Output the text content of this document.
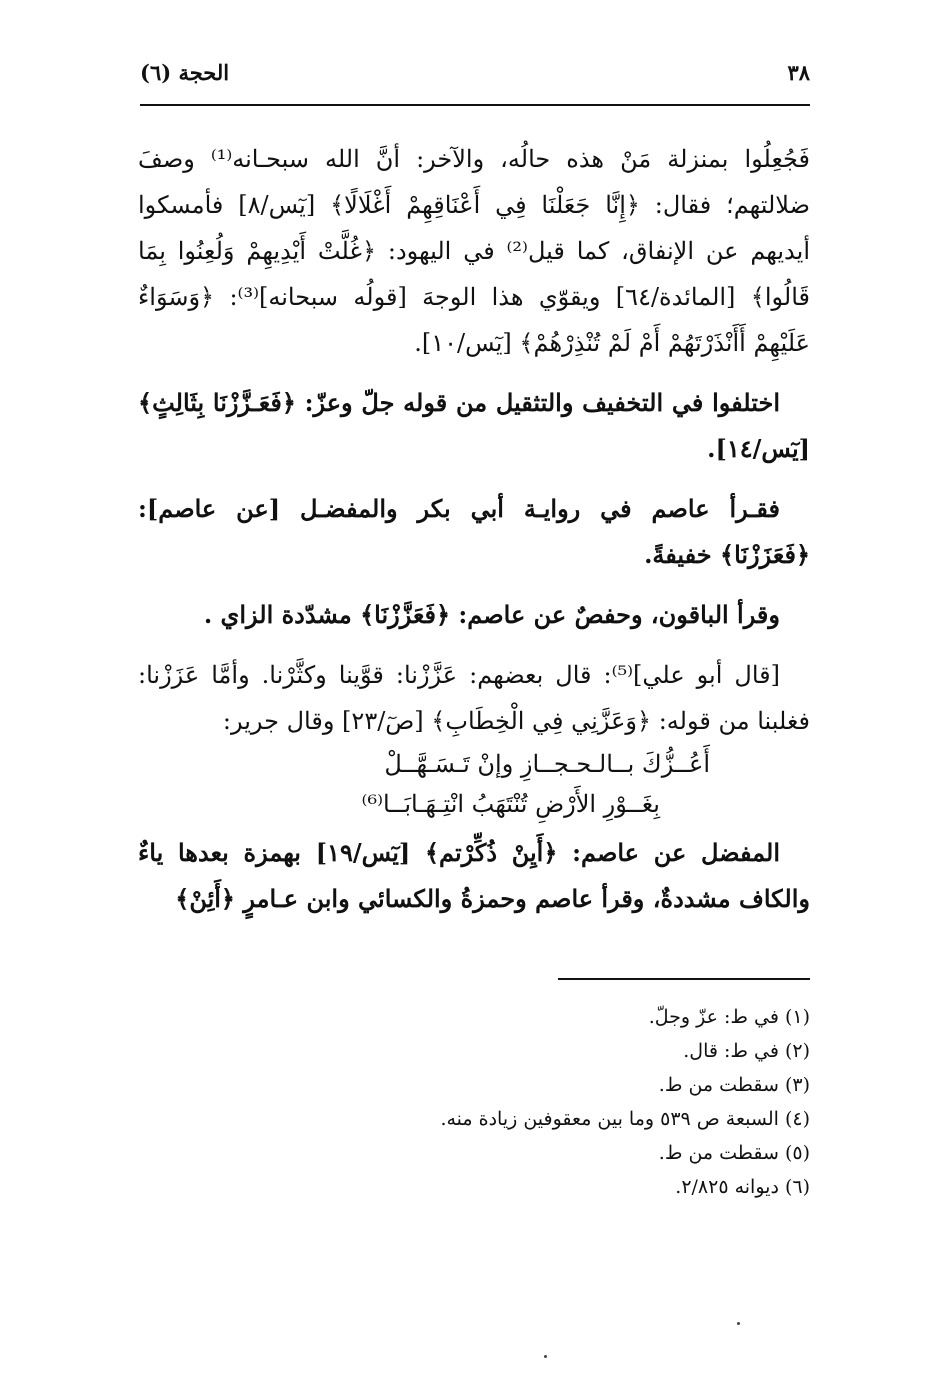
٣٨
الحجة (٦)

فَجُعِلُوا بمنزلة مَنْ هذه حالُه، والآخر: أنَّ الله سبحـانه⁽¹⁾ وصفَ ضلالتهم؛ فقال: ﴿إِنَّا جَعَلْنَا فِي أَعْنَاقِهِمْ أَغْلَالًا﴾ [يٓس/٨] فأمسكوا أيديهم عن الإنفاق، كما قيل⁽²⁾ في اليهود: ﴿غُلَّتْ أَيْدِيهِمْ وَلُعِنُوا بِمَا قَالُوا﴾ [المائدة/٦٤] ويقوّي هذا الوجهَ [قولُه سبحانه]⁽³⁾: ﴿وَسَوَاءٌ عَلَيْهِمْ أَأَنْذَرْتَهُمْ أَمْ لَمْ تُنْذِرْهُمْ﴾ [يٓس/١٠].

اختلفوا في التخفيف والتثقيل من قوله جلّ وعزّ: ﴿فَعَـزَّزْنَا بِثَالِثٍ﴾ [يٓس/١٤].

فقـرأ عاصم في روايـة أبي بكر والمفضـل [عن عاصم]: ﴿فَعَزَزْنَا﴾ خفيفةً.

وقرأ الباقون، وحفصٌ عن عاصم: ﴿فَعَزَّزْنَا﴾ مشدّدة الزاي .

[قال أبو علي]⁽⁵⁾: قال بعضهم: عَزَّزْنا: قوَّينا وكثَّرْنا. وأمَّا عَزَزْنا: فغلبنا من قوله: ﴿وَعَزَّنِي فِي الْخِطَابِ﴾ [صٓ/٢٣] وقال جرير:

أَعُــزُّكَ بــالـحـجــازِ وإنْ تَـسَـهَّــلْ
بِغَــوْرِ الأَرْضِ تُنْتَهَبُ انْتِـهَـابَــا⁽⁶⁾

المفضل عن عاصم: ﴿أَيِنْ ذُكِّرْتم﴾ [يٓس/١٩] بهمزة بعدها ياءٌ والكاف مشددةٌ، وقرأ عاصم وحمزةُ والكسائي وابن عـامرٍ ﴿أَئِنْ﴾

(١) في ط: عزّ وجلّ.
(٢) في ط: قال.
(٣) سقطت من ط.
(٤) السبعة ص ٥٣٩ وما بين معقوفين زيادة منه.
(٥) سقطت من ط.
(٦) ديوانه ٢/٨٢٥.
